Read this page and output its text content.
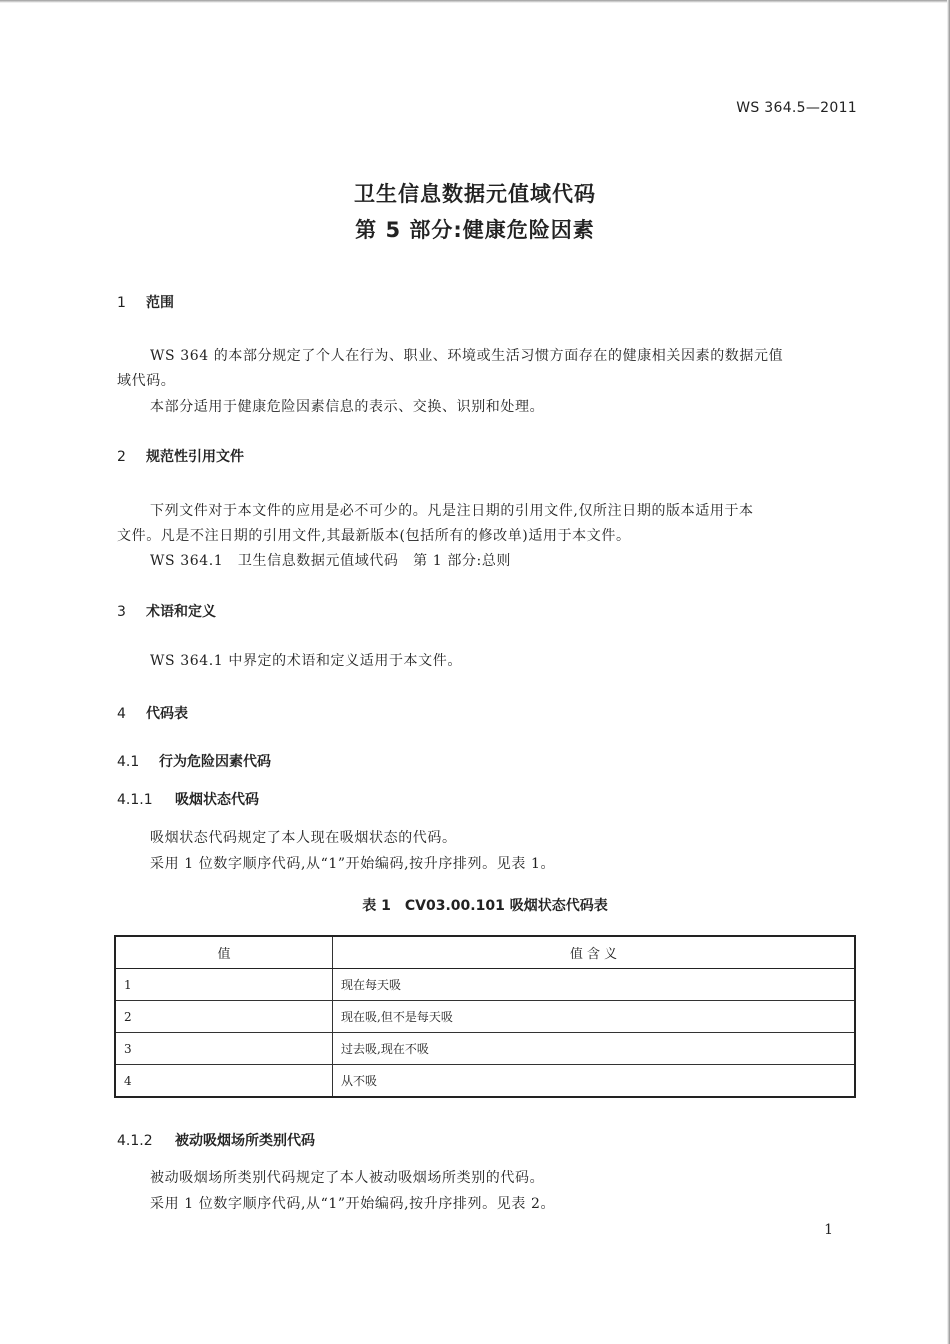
WS 364.5—2011
卫生信息数据元值域代码
第 5 部分:健康危险因素
1 范围
WS 364 的本部分规定了个人在行为、职业、环境或生活习惯方面存在的健康相关因素的数据元值
域代码。
本部分适用于健康危险因素信息的表示、交换、识别和处理。
2 规范性引用文件
下列文件对于本文件的应用是必不可少的。凡是注日期的引用文件,仅所注日期的版本适用于本
文件。凡是不注日期的引用文件,其最新版本(包括所有的修改单)适用于本文件。
WS 364.1　卫生信息数据元值域代码　第 1 部分:总则
3 术语和定义
WS 364.1 中界定的术语和定义适用于本文件。
4 代码表
4.1 行为危险因素代码
4.1.1 吸烟状态代码
吸烟状态代码规定了本人现在吸烟状态的代码。
采用 1 位数字顺序代码,从“1”开始编码,按升序排列。见表 1。
表 1　CV03.00.101 吸烟状态代码表
值	值 含 义
1	现在每天吸
2	现在吸,但不是每天吸
3	过去吸,现在不吸
4	从不吸
4.1.2 被动吸烟场所类别代码
被动吸烟场所类别代码规定了本人被动吸烟场所类别的代码。
采用 1 位数字顺序代码,从“1”开始编码,按升序排列。见表 2。
1
